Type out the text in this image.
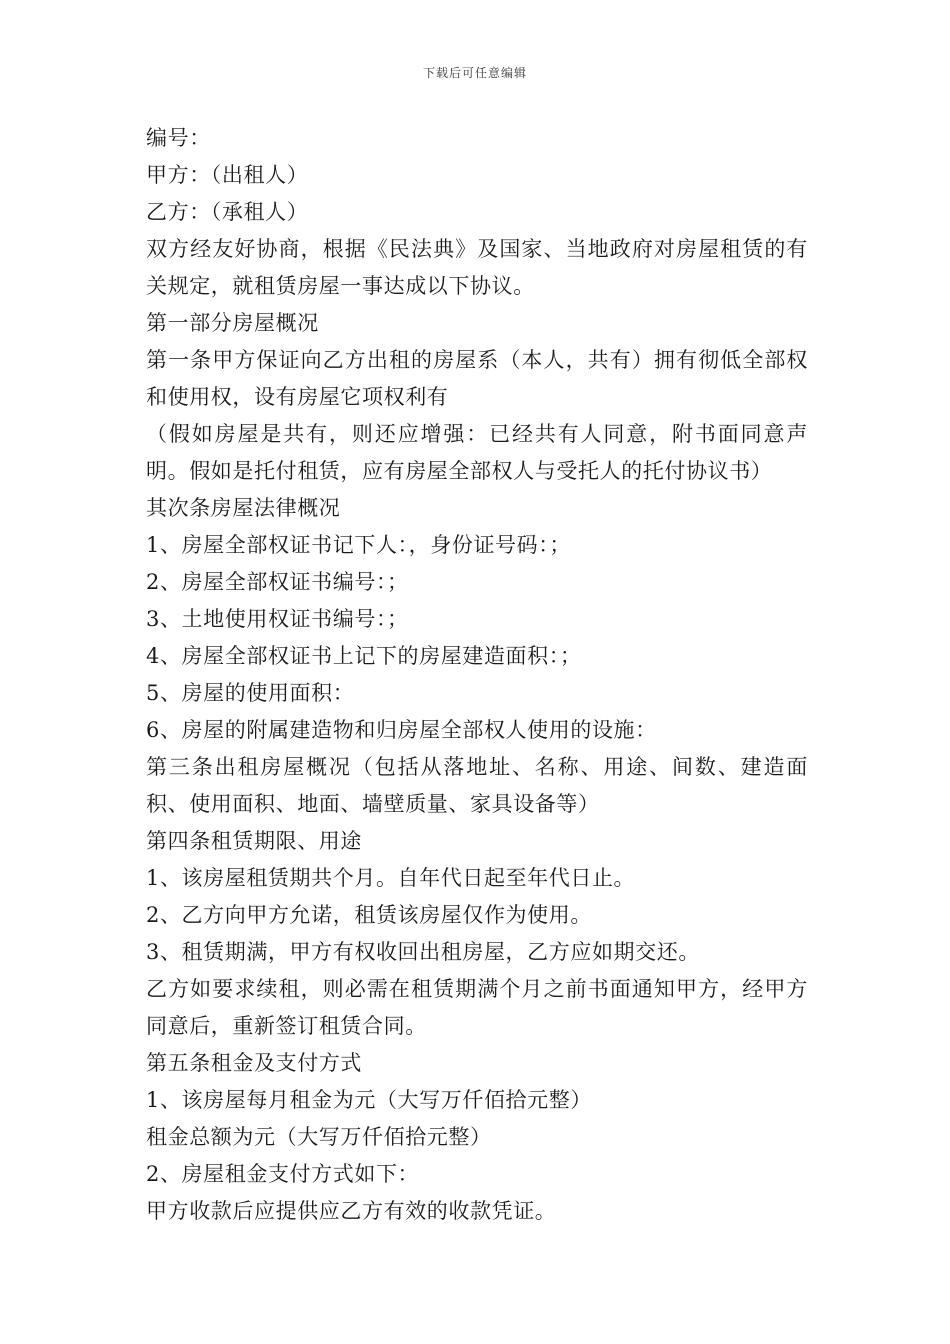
下载后可任意编辑
编号：
甲方：（出租人）
乙方：（承租人）
双方经友好协商，根据《民法典》及国家、当地政府对房屋租赁的有关规定，就租赁房屋一事达成以下协议。
第一部分房屋概况
第一条甲方保证向乙方出租的房屋系（本人，共有）拥有彻低全部权和使用权，设有房屋它项权利有
（假如房屋是共有，则还应增强：已经共有人同意，附书面同意声明。假如是托付租赁，应有房屋全部权人与受托人的托付协议书）
其次条房屋法律概况
1、房屋全部权证书记下人：，身份证号码：；
2、房屋全部权证书编号：；
3、土地使用权证书编号：；
4、房屋全部权证书上记下的房屋建造面积：；
5、房屋的使用面积：
6、房屋的附属建造物和归房屋全部权人使用的设施：
第三条出租房屋概况（包括从落地址、名称、用途、间数、建造面积、使用面积、地面、墙壁质量、家具设备等）
第四条租赁期限、用途
1、该房屋租赁期共个月。自年代日起至年代日止。
2、乙方向甲方允诺，租赁该房屋仅作为使用。
3、租赁期满，甲方有权收回出租房屋，乙方应如期交还。
乙方如要求续租，则必需在租赁期满个月之前书面通知甲方，经甲方同意后，重新签订租赁合同。
第五条租金及支付方式
1、该房屋每月租金为元（大写万仟佰拾元整）
租金总额为元（大写万仟佰拾元整）
2、房屋租金支付方式如下：
甲方收款后应提供应乙方有效的收款凭证。
